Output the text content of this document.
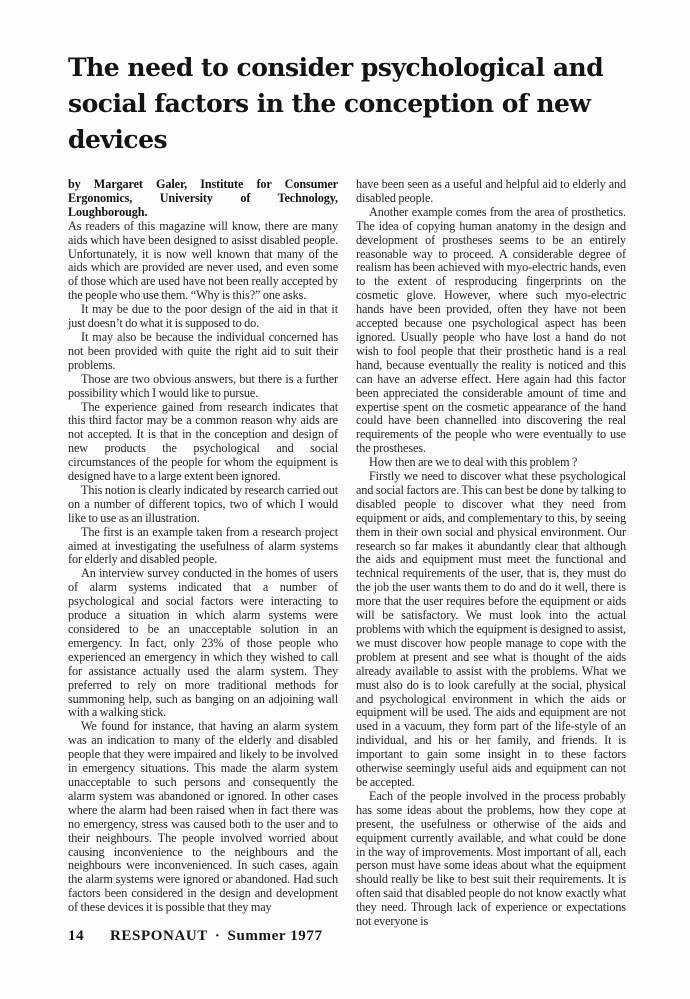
The need to consider psychological and
social factors in the conception of new devices

by Margaret Galer, Institute for Consumer Ergonomics, University of Technology, Loughborough.

As readers of this magazine will know, there are many aids which have been designed to asisst disabled people. Unfortunately, it is now well known that many of the aids which are provided are never used, and even some of those which are used have not been really accepted by the people who use them. “Why is this?” one asks.

It may be due to the poor design of the aid in that it just doesn’t do what it is supposed to do.

It may also be because the individual concerned has not been provided with quite the right aid to suit their problems.

Those are two obvious answers, but there is a further possibility which I would like to pursue.

The experience gained from research indicates that this third factor may be a common reason why aids are not accepted. It is that in the conception and design of new products the psychological and social circumstances of the people for whom the equipment is designed have to a large extent been ignored.

This notion is clearly indicated by research carried out on a number of different topics, two of which I would like to use as an illustration.

The first is an example taken from a research project aimed at investigating the usefulness of alarm systems for elderly and disabled people.

An interview survey conducted in the homes of users of alarm systems indicated that a number of psychological and social factors were interacting to produce a situation in which alarm systems were considered to be an unacceptable solution in an emergency. In fact, only 23% of those people who experienced an emergency in which they wished to call for assistance actually used the alarm system. They preferred to rely on more traditional methods for summoning help, such as banging on an adjoining wall with a walking stick.

We found for instance, that having an alarm system was an indication to many of the elderly and disabled people that they were impaired and likely to be involved in emergency situations. This made the alarm system unacceptable to such persons and consequently the alarm system was abandoned or ignored. In other cases where the alarm had been raised when in fact there was no emergency, stress was caused both to the user and to their neighbours. The people involved worried about causing inconvenience to the neighbours and the neighbours were inconvenienced. In such cases, again the alarm systems were ignored or abandoned. Had such factors been considered in the design and development of these devices it is possible that they may

have been seen as a useful and helpful aid to elderly and disabled people.

Another example comes from the area of prosthetics. The idea of copying human anatomy in the design and development of prostheses seems to be an entirely reasonable way to proceed. A considerable degree of realism has been achieved with myo-electric hands, even to the extent of resproducing fingerprints on the cosmetic glove. However, where such myo-electric hands have been provided, often they have not been accepted because one psychological aspect has been ignored. Usually people who have lost a hand do not wish to fool people that their prosthetic hand is a real hand, because eventually the reality is noticed and this can have an adverse effect. Here again had this factor been appreciated the considerable amount of time and expertise spent on the cosmetic appearance of the hand could have been channelled into discovering the real requirements of the people who were eventually to use the prostheses.

How then are we to deal with this problem ?

Firstly we need to discover what these psychological and social factors are. This can best be done by talking to disabled people to discover what they need from equipment or aids, and complementary to this, by seeing them in their own social and physical environment. Our research so far makes it abundantly clear that although the aids and equipment must meet the functional and technical requirements of the user, that is, they must do the job the user wants them to do and do it well, there is more that the user requires before the equipment or aids will be satisfactory. We must look into the actual problems with which the equipment is designed to assist, we must discover how people manage to cope with the problem at present and see what is thought of the aids already available to assist with the problems. What we must also do is to look carefully at the social, physical and psychological environment in which the aids or equipment will be used. The aids and equipment are not used in a vacuum, they form part of the life-style of an individual, and his or her family, and friends. It is important to gain some insight in to these factors otherwise seemingly useful aids and equipment can not be accepted.

Each of the people involved in the process probably has some ideas about the problems, how they cope at present, the usefulness or otherwise of the aids and equipment currently available, and what could be done in the way of improvements. Most important of all, each person must have some ideas about what the equipment should really be like to best suit their requirements. It is often said that disabled people do not know exactly what they need. Through lack of experience or expectations not everyone is

14 RESPONAUT · Summer 1977
